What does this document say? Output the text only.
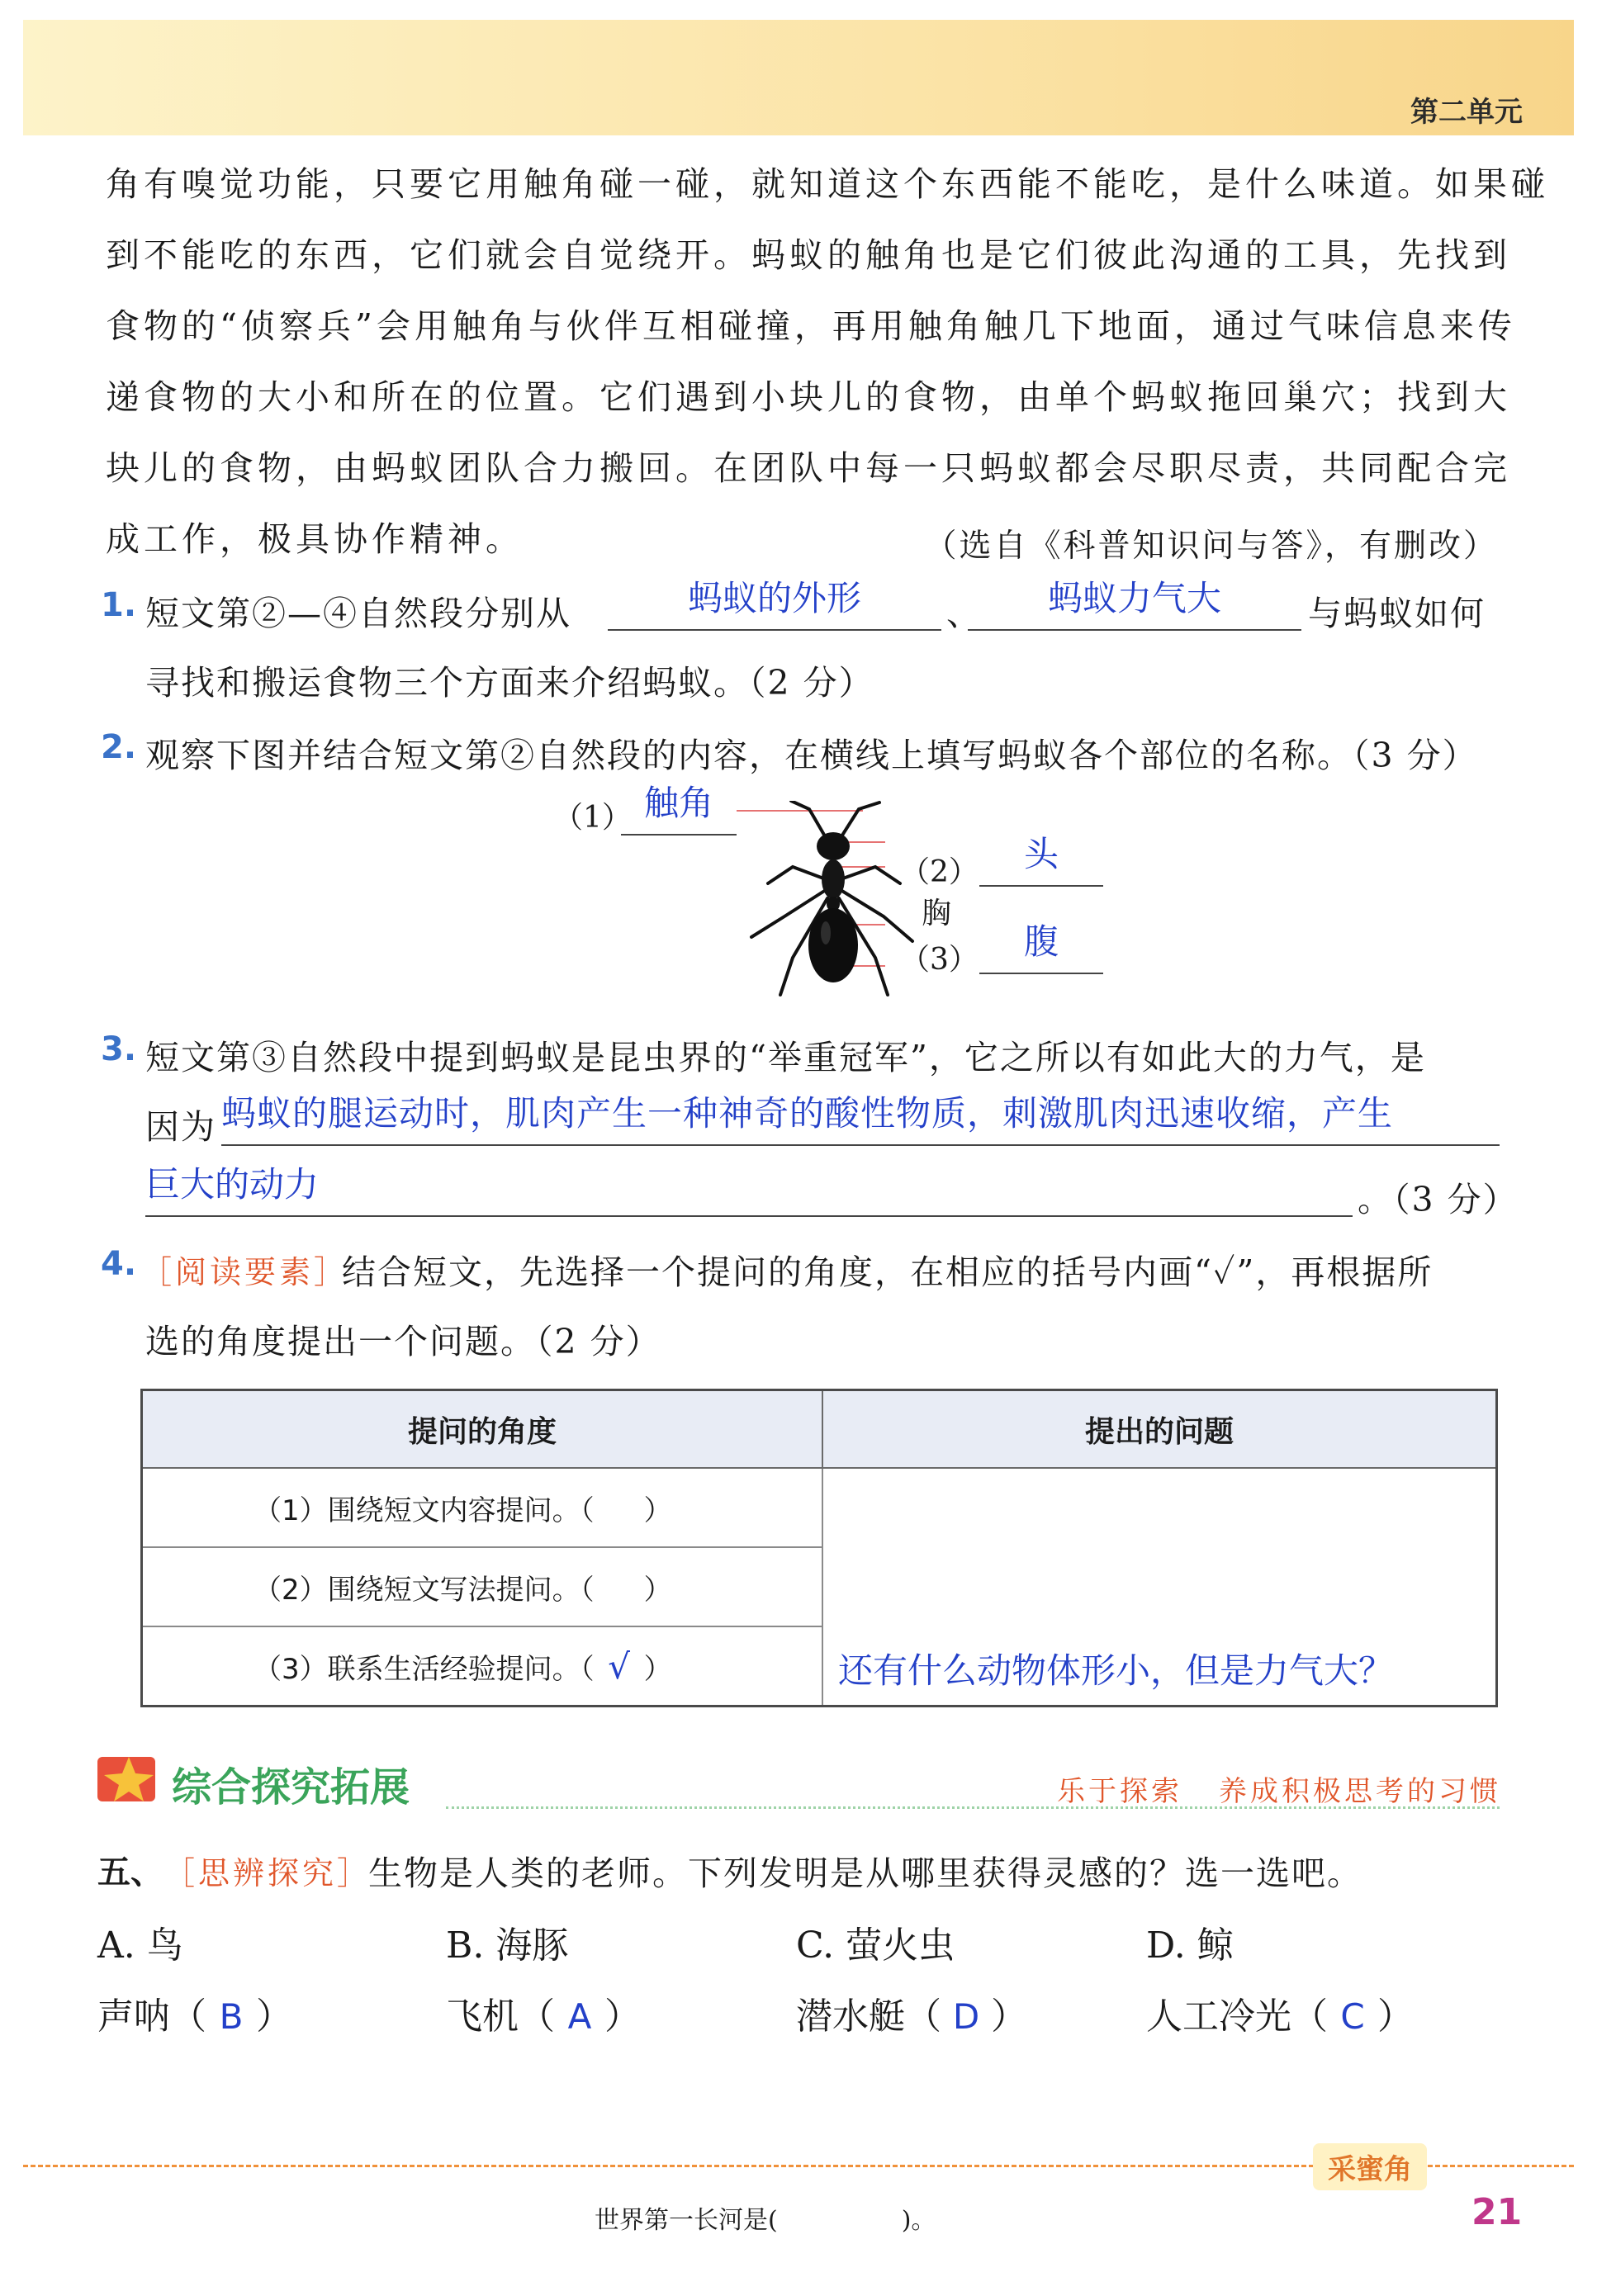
第二单元
角有嗅觉功能，只要它用触角碰一碰，就知道这个东西能不能吃，是什么味道。如果碰
到不能吃的东西，它们就会自觉绕开。蚂蚁的触角也是它们彼此沟通的工具，先找到
食物的“侦察兵”会用触角与伙伴互相碰撞，再用触角触几下地面，通过气味信息来传
递食物的大小和所在的位置。它们遇到小块儿的食物，由单个蚂蚁拖回巢穴；找到大
块儿的食物，由蚂蚁团队合力搬回。在团队中每一只蚂蚁都会尽职尽责，共同配合完
成工作，极具协作精神。	（选自《科普知识问与答》，有删改）
1. 短文第②—④自然段分别从	蚂蚁的外形	、	蚂蚁力气大	与蚂蚁如何
寻找和搬运食物三个方面来介绍蚂蚁。（2 分）
2. 观察下图并结合短文第②自然段的内容，在横线上填写蚂蚁各个部位的名称。（3 分）
（1） 触角
（2）	头
胸
（3）	腹
3. 短文第③自然段中提到蚂蚁是昆虫界的“举重冠军”，它之所以有如此大的力气，是
因为 蚂蚁的腿运动时，肌肉产生一种神奇的酸性物质，刺激肌肉迅速收缩，产生
巨大的动力	。（3 分）
4. ［阅读要素］
结合短文，先选择一个提问的角度，在相应的括号内画“✓”，再根据所
选的角度提出一个问题。（2 分）
提问的角度	提出的问题
（1）围绕短文内容提问。（ ）	还有什么动物体形小，但是力气大？
（2）围绕短文写法提问。（ ）	
（3）联系生活经验提问。（ √ ）	
综合探究拓展	乐于探索 养成积极思考的习惯
五、 ［思辨探究］
生物是人类的老师。下列发明是从哪里获得灵感的？选一选吧。
A. 鸟	B. 海豚	C. 萤火虫	D. 鲸
声呐（ B ）	飞机（ A ）	潜水艇（ D ）	人工冷光（ C ）
采蜜角
世界第一长河是(	)。	21
